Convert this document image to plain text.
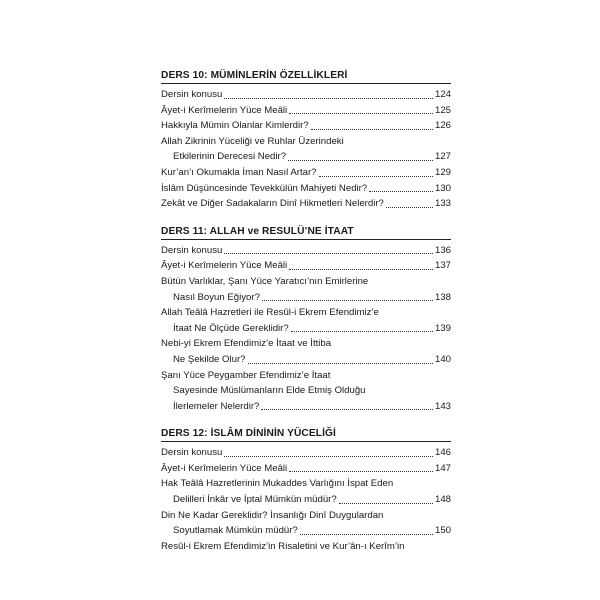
DERS 10: MÜMİNLERİN ÖZELLİKLERİ
Dersin konusu	124
Âyet-i Kerîmelerin Yüce Meâli	125
Hakkıyla Mümin Olanlar Kimlerdir?	126
Allah Zikrinin Yüceliği ve Ruhlar Üzerindeki
Etkilerinin Derecesi Nedir?	127
Kur’an’ı Okumakla İman Nasıl Artar?	129
İslâm Düşüncesinde Tevekkülün Mahiyeti Nedir?	130
Zekât ve Diğer Sadakaların Dinî Hikmetleri Nelerdir?	133
DERS 11: ALLAH ve RESULÜ’NE İTAAT
Dersin konusu	136
Âyet-i Kerîmelerin Yüce Meâli	137
Bütün Varlıklar, Şanı Yüce Yaratıcı’nın Emirlerine
Nasıl Boyun Eğiyor?	138
Allah Teâlâ Hazretleri ile Resûl-i Ekrem Efendimiz’e
İtaat Ne Ölçüde Gereklidir?	139
Nebi-yi Ekrem Efendimiz’e İtaat ve İttiba
Ne Şekilde Olur?	140
Şanı Yüce Peygamber Efendimiz’e İtaat
Sayesinde Müslümanların Elde Etmiş Olduğu
İlerlemeler Nelerdir?	143
DERS 12: İSLÂM DİNİNİN YÜCELİĞİ
Dersin konusu	146
Âyet-i Kerîmelerin Yüce Meâli	147
Hak Teâlâ Hazretlerinin Mukaddes Varlığını İspat Eden
Delilleri İnkâr ve İptal Mümkün müdür?	148
Din Ne Kadar Gereklidir? İnsanlığı Dinî Duygulardan
Soyutlamak Mümkün müdür?	150
Resûl-i Ekrem Efendimiz’in Risaletini ve Kur’ân-ı Kerîm’in
